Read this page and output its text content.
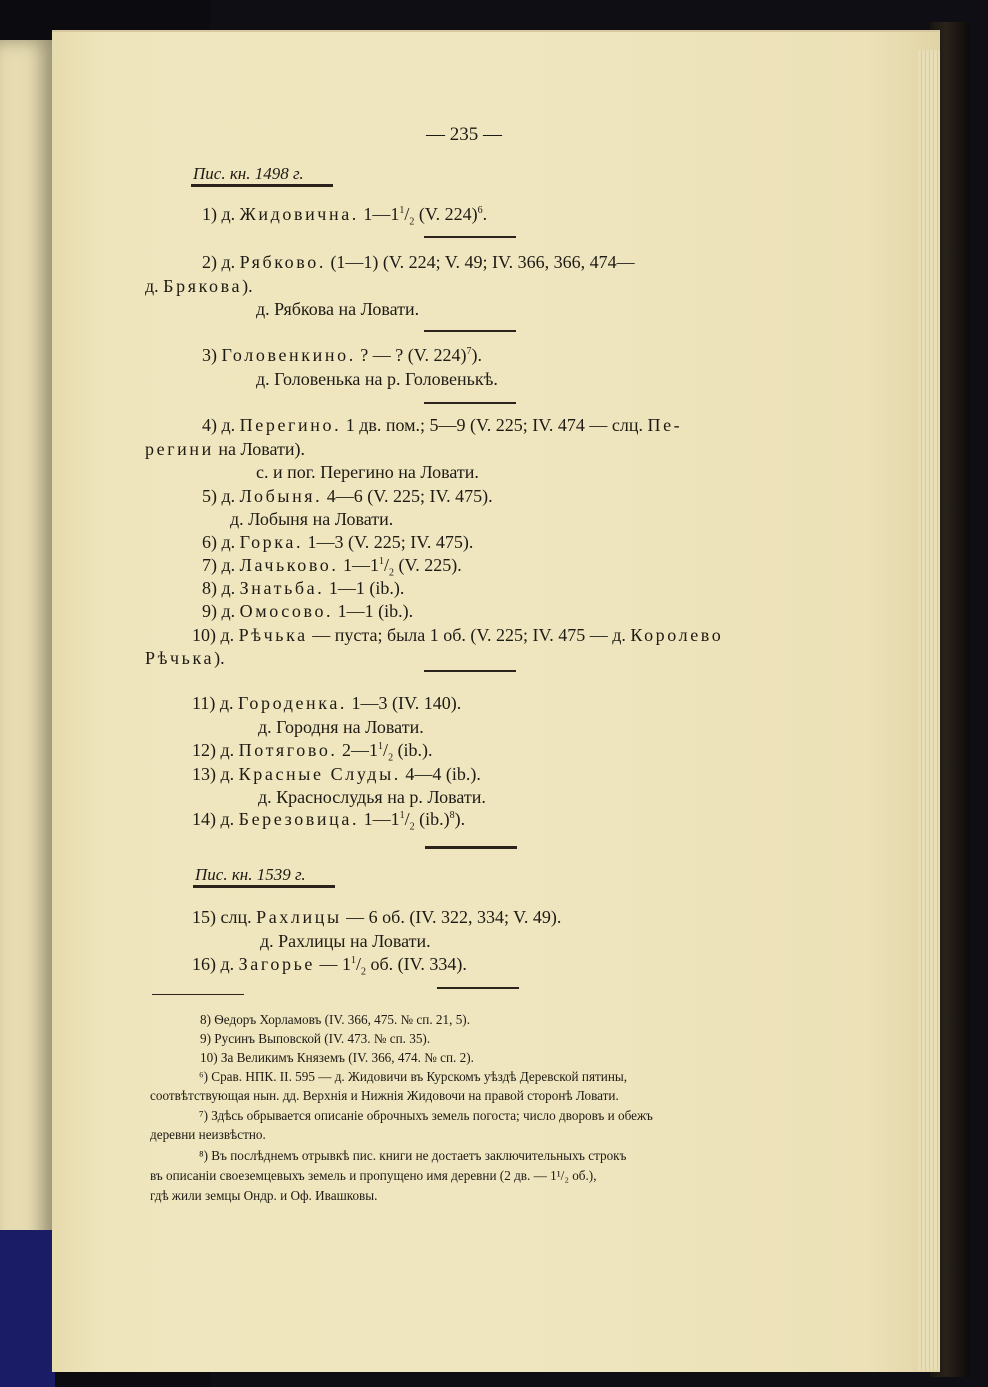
— 235 —
Пис. кн. 1498 г.
1) д. Жидовична. $1—1^1/_2$ (V. 224)$^6$.
2) д. Рябково. (1—1) (V. 224; V. 49; IV. 366, 366, 474—
д. Брякова).
д. Рябкова на Ловати.
3) Головенкино. ? — ? (V. 224)$^7$).
д. Головенька на р. Головенькѣ.
4) д. Перегино. 1 дв. пом.; 5—9 (V. 225; IV. 474 — слц. Пе-
регини на Ловати).
с. и пог. Перегино на Ловати.
5) д. Лобыня. 4—6 (V. 225; IV. 475).
д. Лобыня на Ловати.
6) д. Горка. 1—3 (V. 225; IV. 475).
7) д. Лачьково. $1—1^1/_2$ (V. 225).
8) д. Знатьба. 1—1 (ib.).
9) д. Омосово. 1—1 (ib.).
10) д. Рѣчька — пуста; была 1 об. (V. 225; IV. 475 — д. Королево
Рѣчька).
11) д. Городенка. 1—3 (IV. 140).
д. Городня на Ловати.
12) д. Потягово. $2—1^1/_2$ (ib.).
13) д. Красные Слуды. 4—4 (ib.).
д. Краснослудья на р. Ловати.
14) д. Березовица. $1—1^1/_2$ $(ib.)^8$).
Пис. кн. 1539 г.
15) слц. Рахлицы — 6 об. (IV. 322, 334; V. 49).
д. Рахлицы на Ловати.
16) д. Загорье — $1^1/_2$ об. (IV. 334).
8) Ѳедоръ Хорламовъ (IV. 366, 475. № сп. 21, 5).
9) Русинъ Выповской (IV. 473. № сп. 35).
10) За Великимъ Княземъ (IV. 366, 474. № сп. 2).
⁶) Срав. НПК. II. 595 — д. Жидовичи въ Курскомъ уѣздѣ Деревской пятины,
соотвѣтствующая нын. дд. Верхнія и Нижнія Жидовочи на правой сторонѣ Ловати.
⁷) Здѣсь обрывается описаніе оброчныхъ земель погоста; число дворовъ и обежъ
деревни неизвѣстно.
⁸) Въ послѣднемъ отрывкѣ пис. книги не достаетъ заключительныхъ строкъ
въ описаніи своеземцевыхъ земель и пропущено имя деревни (2 дв. — 1¹/₂ об.),
гдѣ жили земцы Ондр. и Оф. Ивашковы.
